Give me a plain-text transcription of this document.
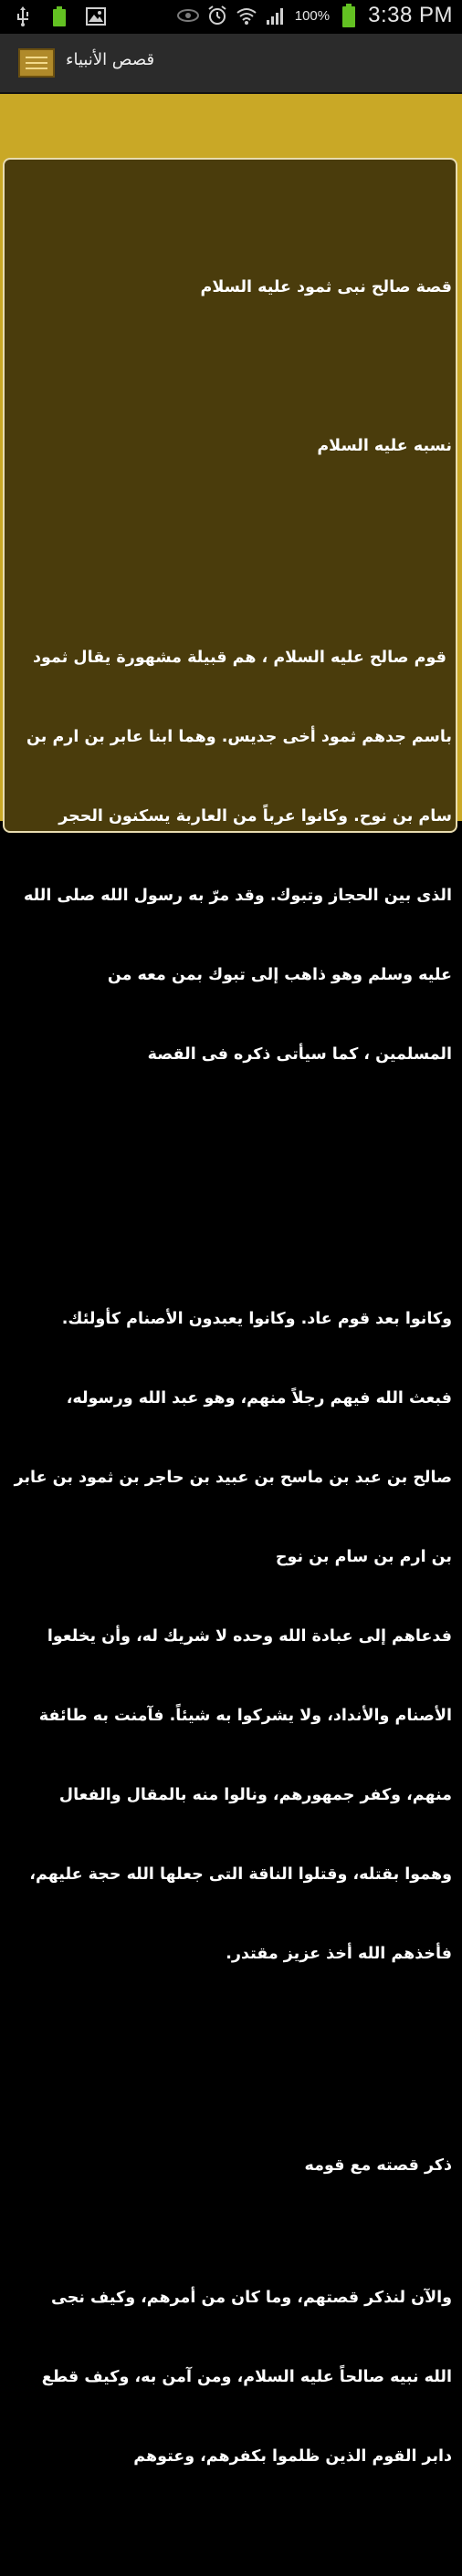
100% 3:38 PM
قصص الأنبياء

قصة صالح نبى ثمود عليه السلام

نسبه عليه السلام

قوم صالح عليه السلام ، هم قبيلة مشهورة يقال ثمود

باسم جدهم ثمود أخى جديس. وهما ابنا عابر بن ارم بن

سام بن نوح. وكانوا عرباً من العاربة يسكنون الحجر

الذى بين الحجاز وتبوك. وقد مرّ به رسول الله صلى الله

عليه وسلم وهو ذاهب إلى تبوك بمن معه من

المسلمين ، كما سيأتى ذكره فى القصة

وكانوا بعد قوم عاد. وكانوا يعبدون الأصنام كأولئك.

فبعث الله فيهم رجلاً منهم، وهو عبد الله ورسوله،

صالح بن عبد بن ماسح بن عبيد بن حاجر بن ثمود بن عابر

بن ارم بن سام بن نوح

فدعاهم إلى عبادة الله وحده لا شريك له، وأن يخلعوا

الأصنام والأنداد، ولا يشركوا به شيئاً. فآمنت به طائفة

منهم، وكفر جمهورهم، ونالوا منه بالمقال والفعال

وهموا بقتله، وقتلوا الناقة التى جعلها الله حجة عليهم،

فأخذهم الله أخذ عزيز مقتدر.

ذكر قصته مع قومه

والآن لنذكر قصتهم، وما كان من أمرهم، وكيف نجى

الله نبيه صالحاً عليه السلام، ومن آمن به، وكيف قطع

دابر القوم الذين ظلموا بكفرهم، وعتوهم
